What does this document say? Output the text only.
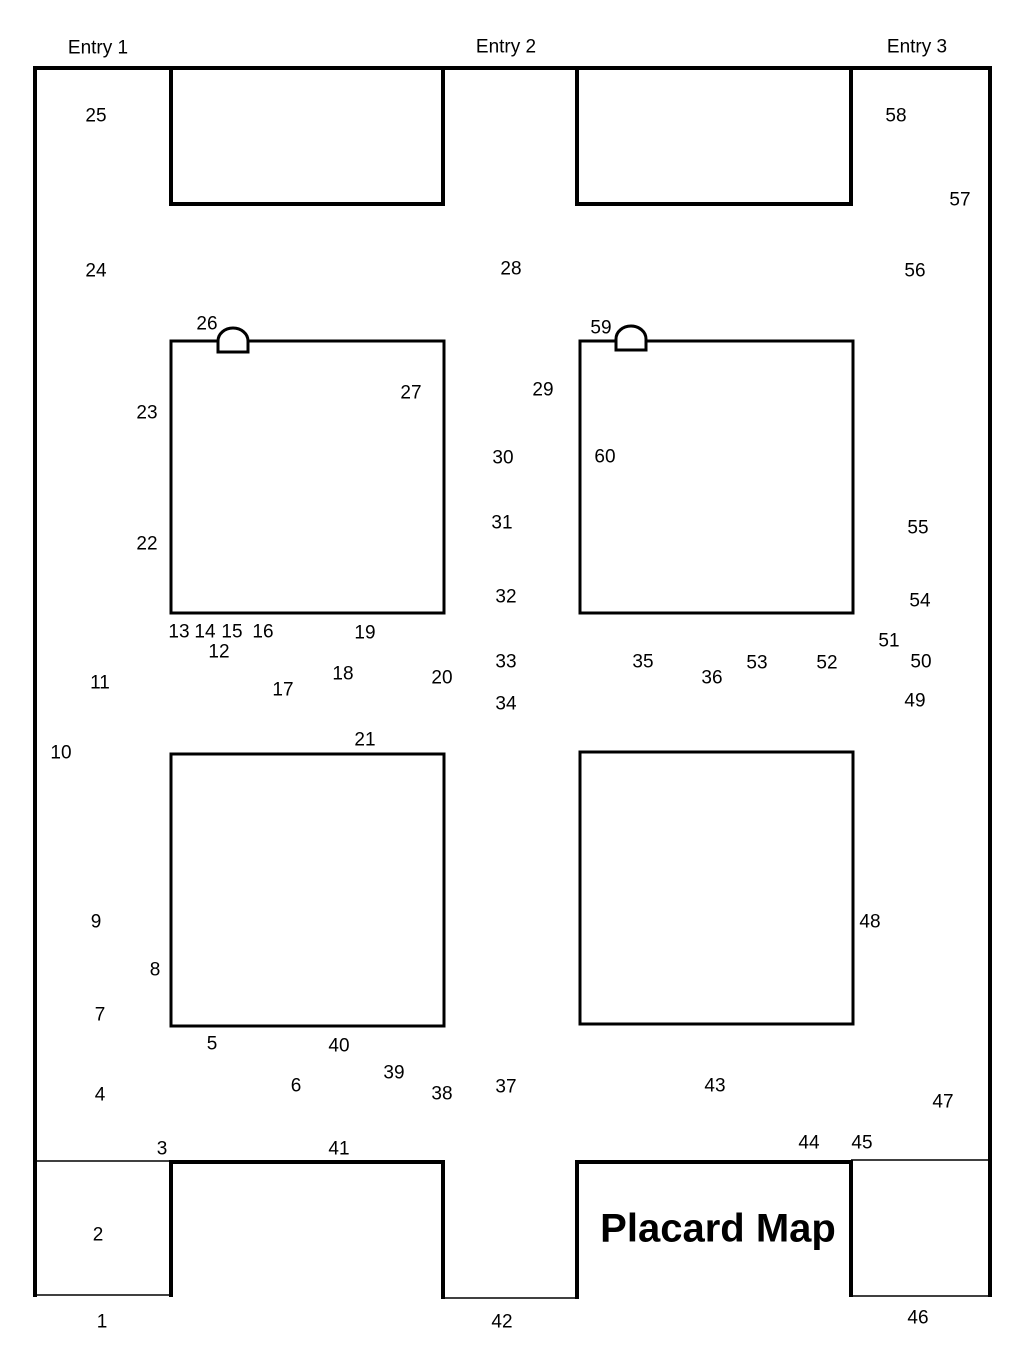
Entry 1	Entry 2	Entry 3
Placard Map
1
2
3
4
5
6
7
8
9
10
11
12
13 14 15 16
17
18
19
20
21
22
23
24
25
26
27
28
29
30
31
32
33
34
35
36
37
38
39
40
41
42
43
44 45
46
47
48
49
50
51
52
53
54
55
56
57
58
59
60
